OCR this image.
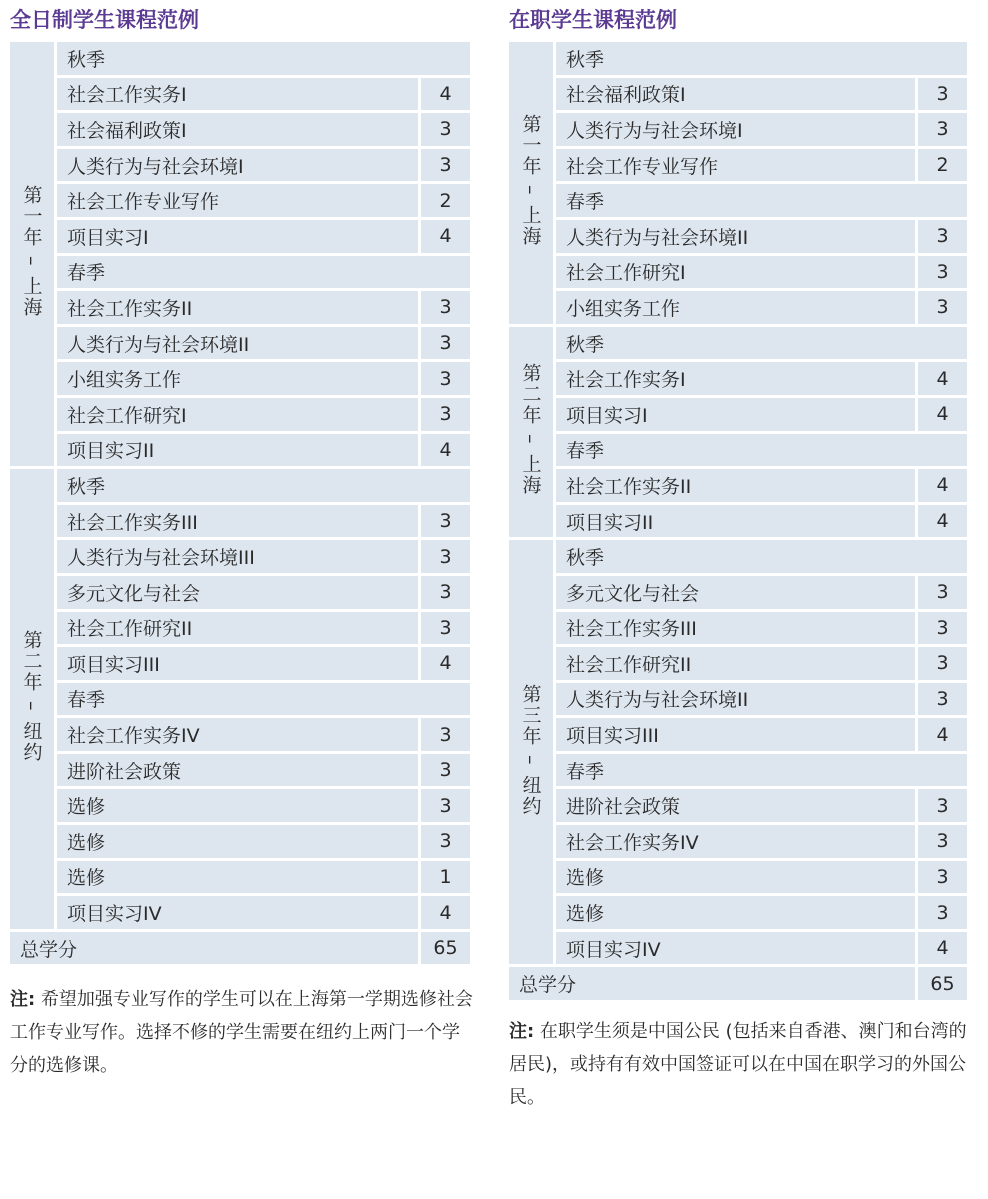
全日制学生课程范例
第一年 – 上海	秋季	
	社会工作实务I	4
	社会福利政策I	3
	人类行为与社会环境I	3
	社会工作专业写作	2
	项目实习I	4
	春季	
	社会工作实务II	3
	人类行为与社会环境II	3
	小组实务工作	3
	社会工作研究I	3
	项目实习II	4
第二年 – 纽约	秋季	
	社会工作实务III	3
	人类行为与社会环境III	3
	多元文化与社会	3
	社会工作研究II	3
	项目实习III	4
	春季	
	社会工作实务IV	3
	进阶社会政策	3
	选修	3
	选修	3
	选修	1
	项目实习IV	4
总学分		65
注: 希望加强专业写作的学生可以在上海第一学期选修社会工作专业写作。选择不修的学生需要在纽约上两门一个学分的选修课。
在职学生课程范例
第一年 – 上海	秋季	
	社会福利政策I	3
	人类行为与社会环境I	3
	社会工作专业写作	2
	春季	
	人类行为与社会环境II	3
	社会工作研究I	3
	小组实务工作	3
第二年 – 上海	秋季	
	社会工作实务I	4
	项目实习I	4
	春季	
	社会工作实务II	4
	项目实习II	4
第三年 – 纽约	秋季	
	多元文化与社会	3
	社会工作实务III	3
	社会工作研究II	3
	人类行为与社会环境II	3
	项目实习III	4
	春季	
	进阶社会政策	3
	社会工作实务IV	3
	选修	3
	选修	3
	项目实习IV	4
总学分		65
注: 在职学生须是中国公民 (包括来自香港、澳门和台湾的居民)，或持有有效中国签证可以在中国在职学习的外国公民。
